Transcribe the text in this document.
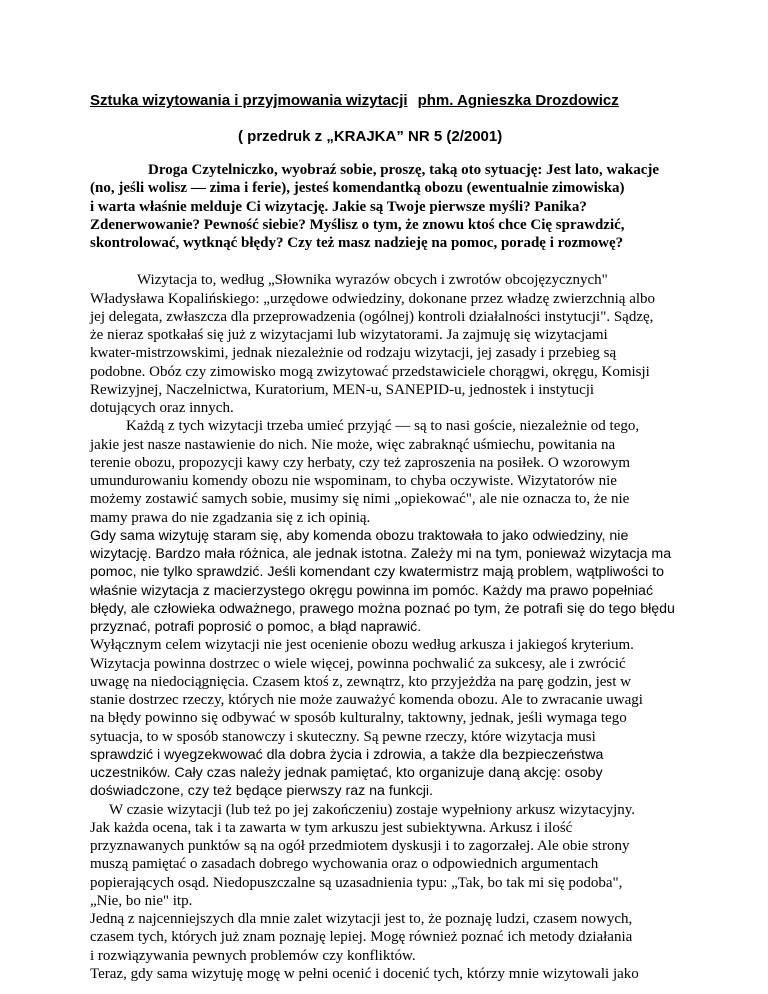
Sztuka wizytowania i przyjmowania wizytacji phm. Agnieszka Drozdowicz
( przedruk z „KRAJKA” NR 5 (2/2001)
Droga Czytelniczko, wyobraź sobie, proszę, taką oto sytuację: Jest lato, wakacje
(no, jeśli wolisz — zima i ferie), jesteś komendantką obozu (ewentualnie zimowiska)
i warta właśnie melduje Ci wizytację. Jakie są Twoje pierwsze myśli? Panika?
Zdenerwowanie? Pewność siebie? Myślisz o tym, że znowu ktoś chce Cię sprawdzić,
skontrolować, wytknąć błędy? Czy też masz nadzieję na pomoc, poradę i rozmowę?
Wizytacja to, według „Słownika wyrazów obcych i zwrotów obcojęzycznych"
Władysława Kopalińskiego: „urzędowe odwiedziny, dokonane przez władzę zwierzchnią albo
jej delegata, zwłaszcza dla przeprowadzenia (ogólnej) kontroli działalności instytucji". Sądzę,
że nieraz spotkałaś się już z wizytacjami lub wizytatorami. Ja zajmuję się wizytacjami
kwater-mistrzowskimi, jednak niezależnie od rodzaju wizytacji, jej zasady i przebieg są
podobne. Obóz czy zimowisko mogą zwizytować przedstawiciele chorągwi, okręgu, Komisji
Rewizyjnej, Naczelnictwa, Kuratorium, MEN-u, SANEPID-u, jednostek i instytucji
dotujących oraz innych.
Każdą z tych wizytacji trzeba umieć przyjąć — są to nasi goście, niezależnie od tego,
jakie jest nasze nastawienie do nich. Nie może, więc zabraknąć uśmiechu, powitania na
terenie obozu, propozycji kawy czy herbaty, czy też zaproszenia na posiłek. O wzorowym
umundurowaniu komendy obozu nie wspominam, to chyba oczywiste. Wizytatorów nie
możemy zostawić samych sobie, musimy się nimi „opiekować", ale nie oznacza to, że nie
mamy prawa do nie zgadzania się z ich opinią.
Gdy sama wizytuję staram się, aby komenda obozu traktowała to jako odwiedziny, nie
wizytację. Bardzo mała różnica, ale jednak istotna. Zależy mi na tym, ponieważ wizytacja ma
pomoc, nie tylko sprawdzić. Jeśli komendant czy kwatermistrz mają problem, wątpliwości to
właśnie wizytacja z macierzystego okręgu powinna im pomóc. Każdy ma prawo popełniać
błędy, ale człowieka odważnego, prawego można poznać po tym, że potrafi się do tego błędu
przyznać, potrafi poprosić o pomoc, a błąd naprawić.
Wyłącznym celem wizytacji nie jest ocenienie obozu według arkusza i jakiegoś kryterium.
Wizytacja powinna dostrzec o wiele więcej, powinna pochwalić za sukcesy, ale i zwrócić
uwagę na niedociągnięcia. Czasem ktoś z, zewnątrz, kto przyjeżdża na parę godzin, jest w
stanie dostrzec rzeczy, których nie może zauważyć komenda obozu. Ale to zwracanie uwagi
na błędy powinno się odbywać w sposób kulturalny, taktowny, jednak, jeśli wymaga tego
sytuacja, to w sposób stanowczy i skuteczny. Są pewne rzeczy, które wizytacja musi
sprawdzić i wyegzekwować dla dobra życia i zdrowia, a także dla bezpieczeństwa
uczestników. Cały czas należy jednak pamiętać, kto organizuje daną akcję: osoby
doświadczone, czy też będące pierwszy raz na funkcji.
W czasie wizytacji (lub też po jej zakończeniu) zostaje wypełniony arkusz wizytacyjny.
Jak każda ocena, tak i ta zawarta w tym arkuszu jest subiektywna. Arkusz i ilość
przyznawanych punktów są na ogół przedmiotem dyskusji i to zagorzałej. Ale obie strony
muszą pamiętać o zasadach dobrego wychowania oraz o odpowiednich argumentach
popierających osąd. Niedopuszczalne są uzasadnienia typu: „Tak, bo tak mi się podoba",
„Nie, bo nie" itp.
Jedną z najcenniejszych dla mnie zalet wizytacji jest to, że poznaję ludzi, czasem nowych,
czasem tych, których już znam poznaję lepiej. Mogę również poznać ich metody działania
i rozwiązywania pewnych problemów czy konfliktów.
Teraz, gdy sama wizytuję mogę w pełni ocenić i docenić tych, którzy mnie wizytowali jako
